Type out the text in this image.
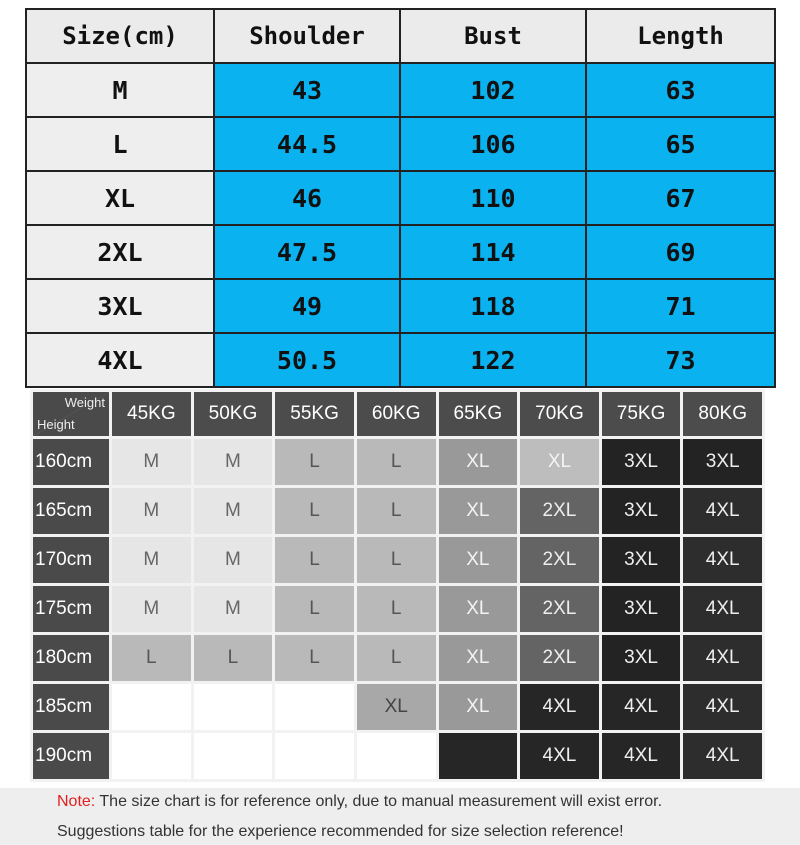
Size(cm)	Shoulder	Bust	Length
M	43	102	63
L	44.5	106	65
XL	46	110	67
2XL	47.5	114	69
3XL	49	118	71
4XL	50.5	122	73
Weight
Height	45KG	50KG	55KG	60KG	65KG	70KG	75KG	80KG
160cm	M	M	L	L	XL	XL	3XL	3XL
165cm	M	M	L	L	XL	2XL	3XL	4XL
170cm	M	M	L	L	XL	2XL	3XL	4XL
175cm	M	M	L	L	XL	2XL	3XL	4XL
180cm	L	L	L	L	XL	2XL	3XL	4XL
185cm				XL	XL	4XL	4XL	4XL
190cm						4XL	4XL	4XL
Note: The size chart is for reference only, due to manual measurement will exist error.
Suggestions table for the experience recommended for size selection reference!
